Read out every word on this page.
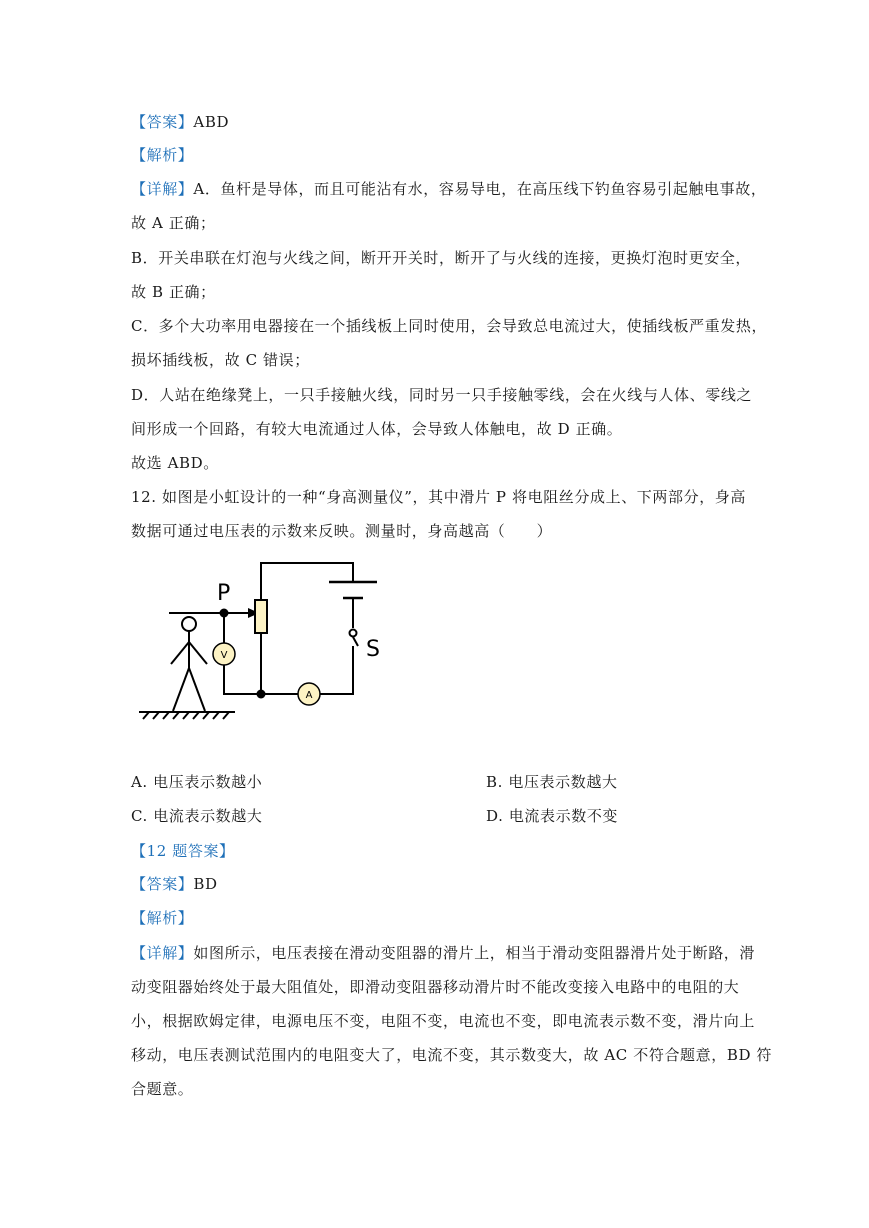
【答案】ABD
【解析】
【详解】A．鱼杆是导体，而且可能沾有水，容易导电，在高压线下钓鱼容易引起触电事故，
故 A 正确；
B．开关串联在灯泡与火线之间，断开开关时，断开了与火线的连接，更换灯泡时更安全，
故 B 正确；
C．多个大功率用电器接在一个插线板上同时使用，会导致总电流过大，使插线板严重发热，
损坏插线板，故 C 错误；
D．人站在绝缘凳上，一只手接触火线，同时另一只手接触零线，会在火线与人体、零线之
间形成一个回路，有较大电流通过人体，会导致人体触电，故 D 正确。
故选 ABD。
12. 如图是小虹设计的一种“身高测量仪”，其中滑片 P 将电阻丝分成上、下两部分，身高
数据可通过电压表的示数来反映。测量时，身高越高（　　）
P
S
V
A
A. 电压表示数越小	B. 电压表示数越大
C. 电流表示数越大	D. 电流表示数不变
【12 题答案】
【答案】BD
【解析】
【详解】如图所示，电压表接在滑动变阻器的滑片上，相当于滑动变阻器滑片处于断路，滑
动变阻器始终处于最大阻值处，即滑动变阻器移动滑片时不能改变接入电路中的电阻的大
小，根据欧姆定律，电源电压不变，电阻不变，电流也不变，即电流表示数不变，滑片向上
移动，电压表测试范围内的电阻变大了，电流不变，其示数变大，故 AC 不符合题意，BD 符
合题意。
